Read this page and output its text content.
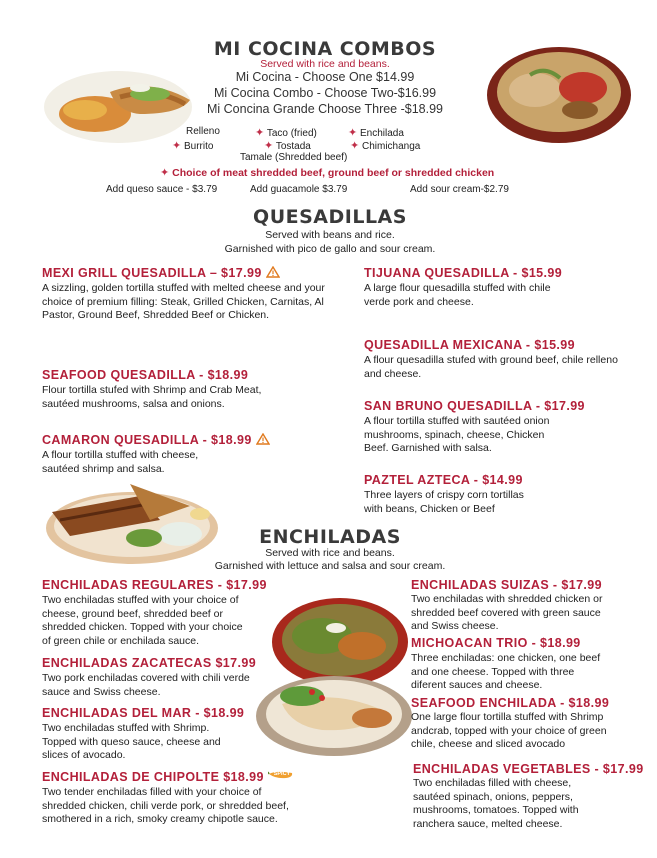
MI COCINA COMBOS
Served with rice and beans.
Mi Cocina - Choose One $14.99
Mi Cocina Combo - Choose Two-$16.99
Mi Concina Grande Choose Three -$18.99
Relleno
✦ Burrito
✦ Taco (fried)
✦ Tostada
✦ Enchilada
✦ Chimichanga
Tamale (Shredded beef)
✦ Choice of meat shredded beef, ground beef or shredded chicken
Add queso sauce - $3.79	Add guacamole $3.79	Add sour cream-$2.79
QUESADILLAS
Served with beans and rice.
Garnished with pico de gallo and sour cream.
MEXI GRILL QUESADILLA – $17.99
A sizzling, golden tortilla stuffed with melted cheese and your choice of premium filling: Steak, Grilled Chicken, Carnitas, Al Pastor, Ground Beef, Shredded Beef or Chicken.
SEAFOOD QUESADILLA - $18.99
Flour tortilla stufed with Shrimp and Crab Meat, sautéed mushrooms, salsa and onions.
CAMARON QUESADILLA - $18.99
A flour tortilla stuffed with cheese, sautéed shrimp and salsa.
TIJUANA QUESADILLA - $15.99
A large flour quesadilla stuffed with chile verde pork and cheese.
QUESADILLA MEXICANA - $15.99
A flour quesadilla stufed with ground beef, chile relleno and cheese.
SAN BRUNO QUESADILLA - $17.99
A flour tortilla stuffed with sautéed onion mushrooms, spinach, cheese, Chicken Beef. Garnished with salsa.
PAZTEL AZTECA - $14.99
Three layers of crispy corn tortillas with beans, Chicken or Beef
ENCHILADAS
Served with rice and beans.
Garnished with lettuce and salsa and sour cream.
ENCHILADAS REGULARES - $17.99
Two enchiladas stuffed with your choice of cheese, ground beef, shredded beef or shredded chicken. Topped with your choice of green chile or enchilada sauce.
ENCHILADAS ZACATECAS $17.99
Two pork enchiladas covered with chili verde sauce and Swiss cheese.
ENCHILADAS DEL MAR - $18.99
Two enchiladas stuffed with Shrimp. Topped with queso sauce, cheese and slices of avocado.
ENCHILADAS DE CHIPOLTE $18.99 SPICY
Two tender enchiladas filled with your choice of shredded chicken, chili verde pork, or shredded beef, smothered in a rich, smoky creamy chipotle sauce.
ENCHILADAS SUIZAS - $17.99
Two enchiladas with shredded chicken or shredded beef covered with green sauce and Swiss cheese.
MICHOACAN TRIO - $18.99
Three enchiladas: one chicken, one beef and one cheese. Topped with three diferent sauces and cheese.
SEAFOOD ENCHILADA - $18.99
One large flour tortilla stuffed with Shrimp andcrab, topped with your choice of green chile, cheese and sliced avocado
ENCHILADAS VEGETABLES - $17.99
Two enchiladas filled with cheese, sautéed spinach, onions, peppers, mushrooms, tomatoes. Topped with ranchera sauce, melted cheese.
